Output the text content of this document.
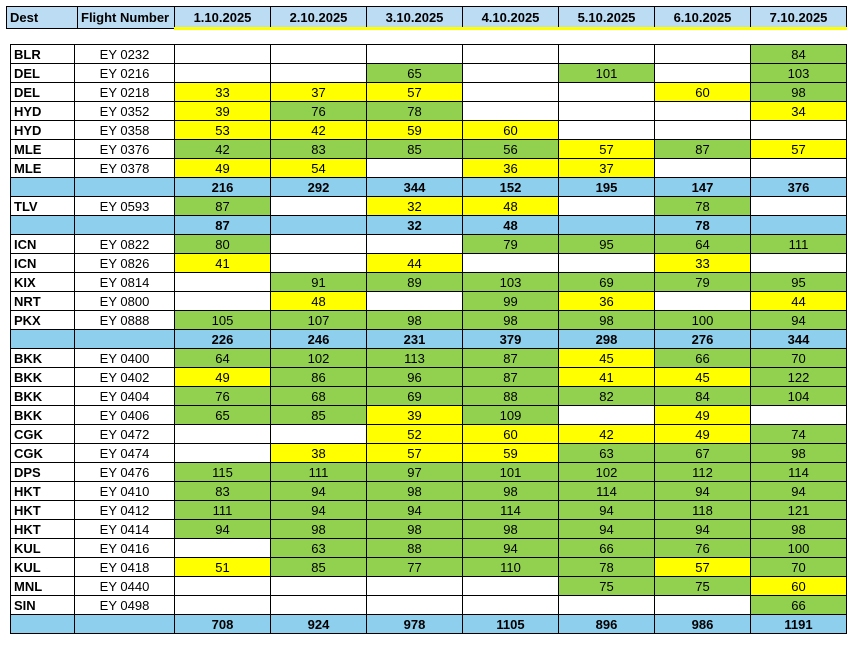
Dest	Flight Number	1.10.2025	2.10.2025	3.10.2025	4.10.2025	5.10.2025	6.10.2025	7.10.2025
BLR	EY 0232							84
DEL	EY 0216			65		101		103
DEL	EY 0218	33	37	57			60	98
HYD	EY 0352	39	76	78				34
HYD	EY 0358	53	42	59	60			
MLE	EY 0376	42	83	85	56	57	87	57
MLE	EY 0378	49	54		36	37		
		216	292	344	152	195	147	376
TLV	EY 0593	87		32	48		78	
		87		32	48		78	
ICN	EY 0822	80			79	95	64	111
ICN	EY 0826	41		44			33	
KIX	EY 0814		91	89	103	69	79	95
NRT	EY 0800		48		99	36		44
PKX	EY 0888	105	107	98	98	98	100	94
		226	246	231	379	298	276	344
BKK	EY 0400	64	102	113	87	45	66	70
BKK	EY 0402	49	86	96	87	41	45	122
BKK	EY 0404	76	68	69	88	82	84	104
BKK	EY 0406	65	85	39	109		49	
CGK	EY 0472			52	60	42	49	74
CGK	EY 0474		38	57	59	63	67	98
DPS	EY 0476	115	111	97	101	102	112	114
HKT	EY 0410	83	94	98	98	114	94	94
HKT	EY 0412	111	94	94	114	94	118	121
HKT	EY 0414	94	98	98	98	94	94	98
KUL	EY 0416		63	88	94	66	76	100
KUL	EY 0418	51	85	77	110	78	57	70
MNL	EY 0440					75	75	60
SIN	EY 0498							66
		708	924	978	1105	896	986	1191
